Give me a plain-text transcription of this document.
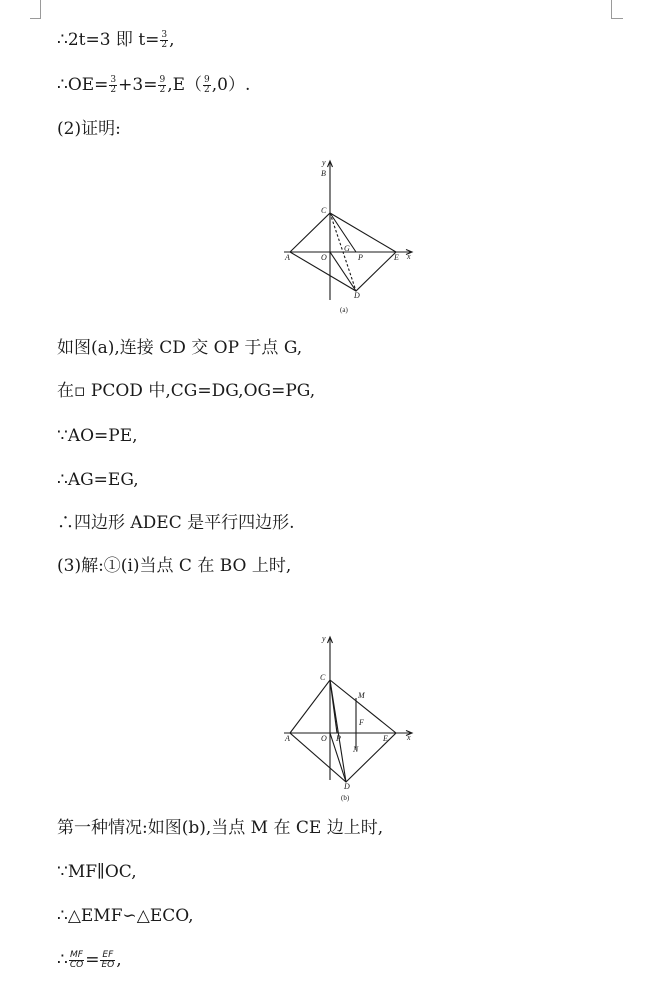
∴2t=3 即 $t= \frac{3}{2}$ ,
∴OE= $\frac{3}{2} +3= \frac{9}{2} ,E( \frac{9}{2} ,0)$.
(2)证明:
y
B
C
A	O
G
P	E x
D
(a)
如图(a),连接 CD 交 OP 于点 G,
在▫ PCOD 中,CG=DG,OG=PG,
∵AO=PE,
∴AG=EG,
∴四边形 ADEC 是平行四边形.
(3)解:①(ⅰ)当点 C 在 BO 上时,
y
C
M
F
A	O P	E x
N
D
(b)
第一种情况:如图(b),当点 M 在 CE 边上时,
∵MF∥OC,
∴△EMF∽△ECO,
∴ $\frac{MF}{CO} = \frac{EF}{EO}$ ,
